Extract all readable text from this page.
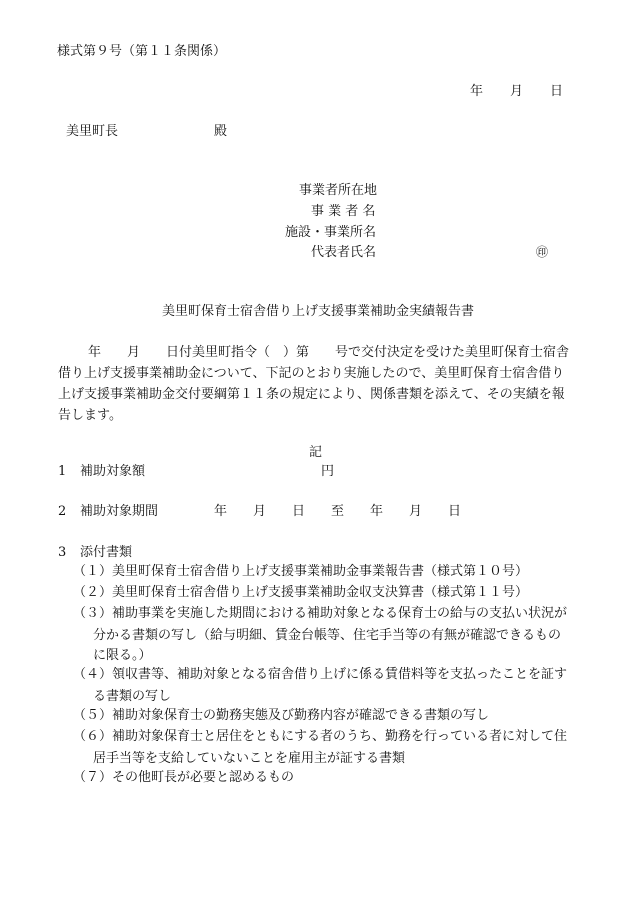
様式第９号（第１１条関係）
年 月 日
美里町長	殿
事業者所在地
事 業 者 名
施設・事業所名
代表者氏名	㊞
美里町保育士宿舎借り上げ支援事業補助金実績報告書
年　　月　　日付美里町指令（　）第　　号で交付決定を受けた美里町保育士宿舎
借り上げ支援事業補助金について、下記のとおり実施したので、美里町保育士宿舎借り
上げ支援事業補助金交付要綱第１１条の規定により、関係書類を添えて、その実績を報
告します。
記
1 補助対象額	円
2 補助対象期間	年　　月　　日　　至　　年　　月　　日
3 添付書類
（１）美里町保育士宿舎借り上げ支援事業補助金事業報告書（様式第１０号）
（２）美里町保育士宿舎借り上げ支援事業補助金収支決算書（様式第１１号）
（３）補助事業を実施した期間における補助対象となる保育士の給与の支払い状況が
分かる書類の写し（給与明細、賃金台帳等、住宅手当等の有無が確認できるもの
に限る。）
（４）領収書等、補助対象となる宿舎借り上げに係る賃借料等を支払ったことを証す
る書類の写し
（５）補助対象保育士の勤務実態及び勤務内容が確認できる書類の写し
（６）補助対象保育士と居住をともにする者のうち、勤務を行っている者に対して住
居手当等を支給していないことを雇用主が証する書類
（７）その他町長が必要と認めるもの
